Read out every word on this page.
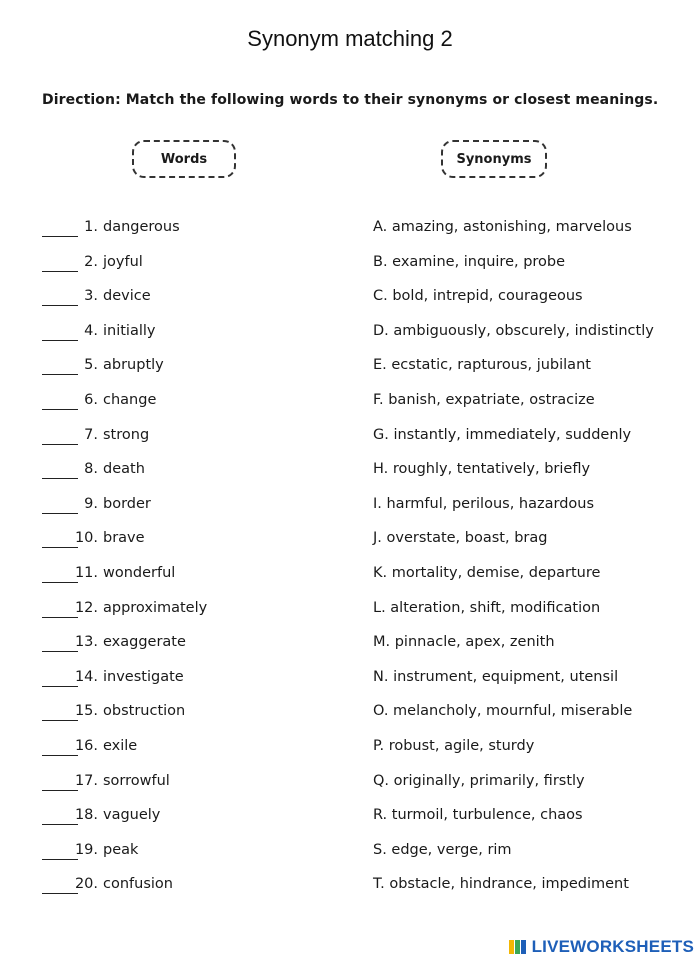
Synonym matching 2
Direction: Match the following words to their synonyms or closest meanings.
Words	Synonyms
1. dangerous	A. amazing, astonishing, marvelous
2. joyful	B. examine, inquire, probe
3. device	C. bold, intrepid, courageous
4. initially	D. ambiguously, obscurely, indistinctly
5. abruptly	E. ecstatic, rapturous, jubilant
6. change	F. banish, expatriate, ostracize
7. strong	G. instantly, immediately, suddenly
8. death	H. roughly, tentatively, briefly
9. border	I. harmful, perilous, hazardous
10. brave	J. overstate, boast, brag
11. wonderful	K. mortality, demise, departure
12. approximately	L. alteration, shift, modification
13. exaggerate	M. pinnacle, apex, zenith
14. investigate	N. instrument, equipment, utensil
15. obstruction	O. melancholy, mournful, miserable
16. exile	P. robust, agile, sturdy
17. sorrowful	Q. originally, primarily, firstly
18. vaguely	R. turmoil, turbulence, chaos
19. peak	S. edge, verge, rim
20. confusion	T. obstacle, hindrance, impediment
LIVEWORKSHEETS
